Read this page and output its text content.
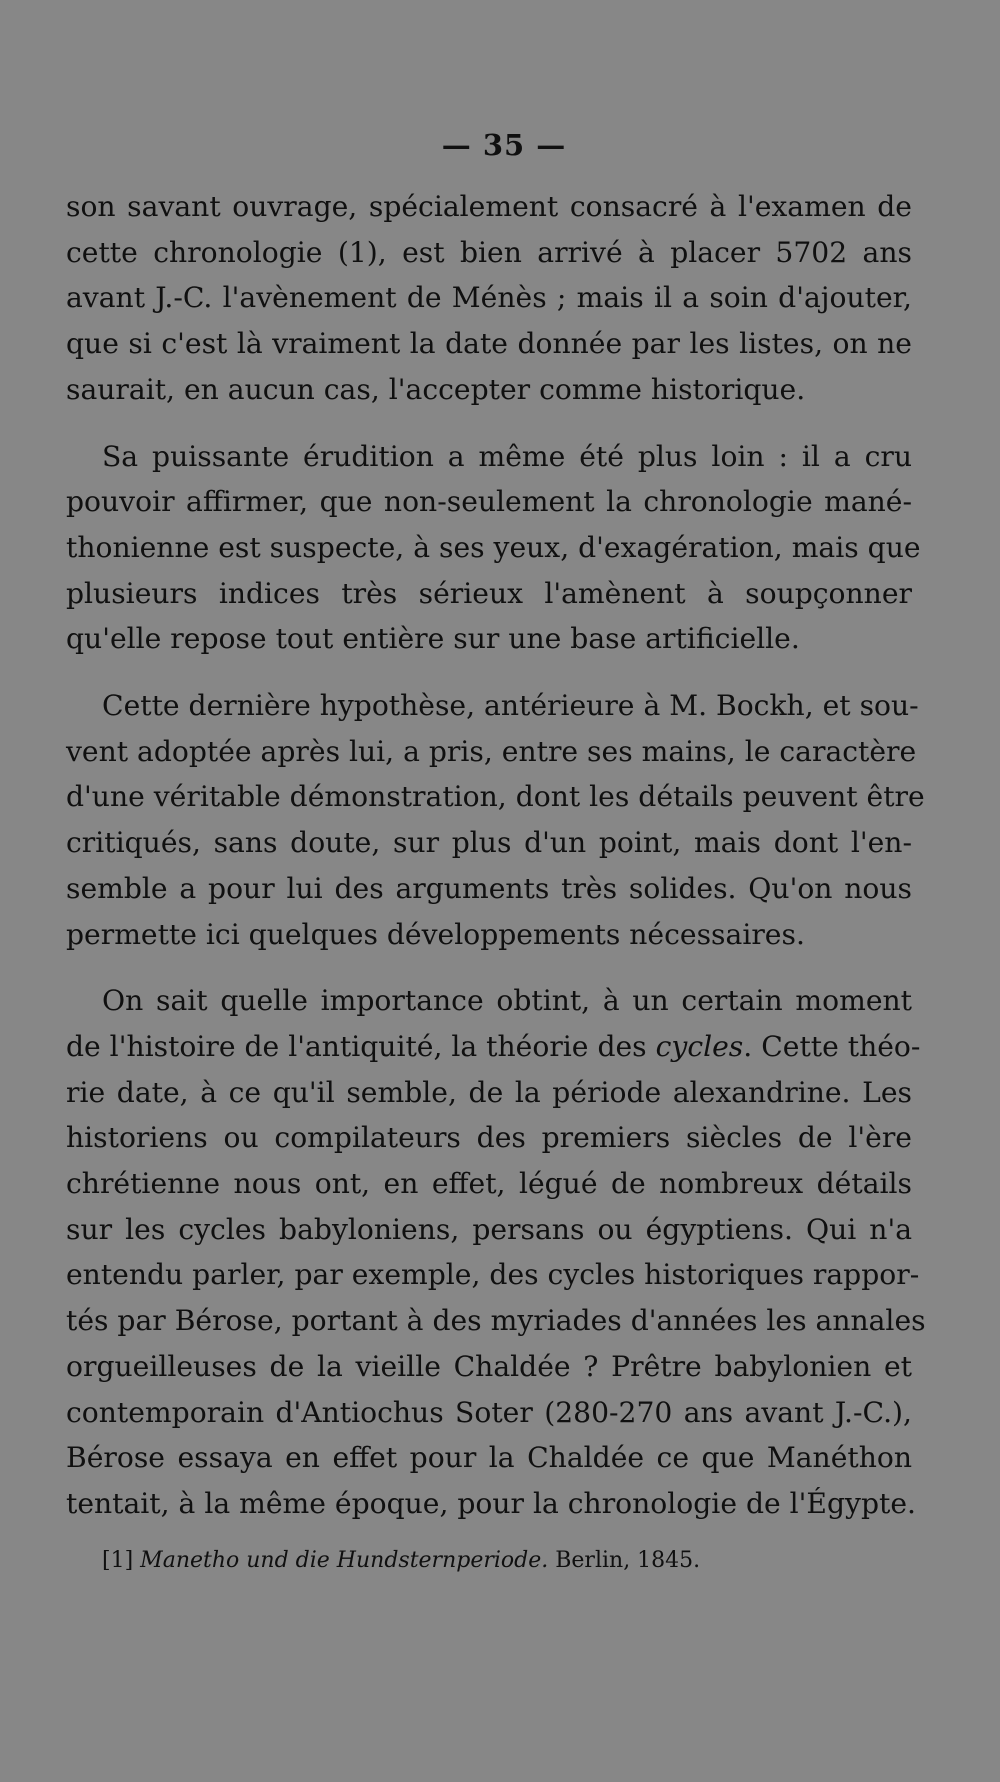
— 35 —
son savant ouvrage, spécialement consacré à l'examen de
cette chronologie (1), est bien arrivé à placer 5702 ans
avant J.-C. l'avènement de Ménès ; mais il a soin d'ajouter,
que si c'est là vraiment la date donnée par les listes, on ne
saurait, en aucun cas, l'accepter comme historique.
Sa puissante érudition a même été plus loin : il a cru
pouvoir affirmer, que non-seulement la chronologie mané-
thonienne est suspecte, à ses yeux, d'exagération, mais que
plusieurs indices très sérieux l'amènent à soupçonner
qu'elle repose tout entière sur une base artificielle.
Cette dernière hypothèse, antérieure à M. Bockh, et sou-
vent adoptée après lui, a pris, entre ses mains, le caractère
d'une véritable démonstration, dont les détails peuvent être
critiqués, sans doute, sur plus d'un point, mais dont l'en-
semble a pour lui des arguments très solides. Qu'on nous
permette ici quelques développements nécessaires.
On sait quelle importance obtint, à un certain moment
de l'histoire de l'antiquité, la théorie des cycles. Cette théo-
rie date, à ce qu'il semble, de la période alexandrine. Les
historiens ou compilateurs des premiers siècles de l'ère
chrétienne nous ont, en effet, légué de nombreux détails
sur les cycles babyloniens, persans ou égyptiens. Qui n'a
entendu parler, par exemple, des cycles historiques rappor-
tés par Bérose, portant à des myriades d'années les annales
orgueilleuses de la vieille Chaldée ? Prêtre babylonien et
contemporain d'Antiochus Soter (280-270 ans avant J.-C.),
Bérose essaya en effet pour la Chaldée ce que Manéthon
tentait, à la même époque, pour la chronologie de l'Égypte.
[1] Manetho und die Hundsternperiode. Berlin, 1845.
